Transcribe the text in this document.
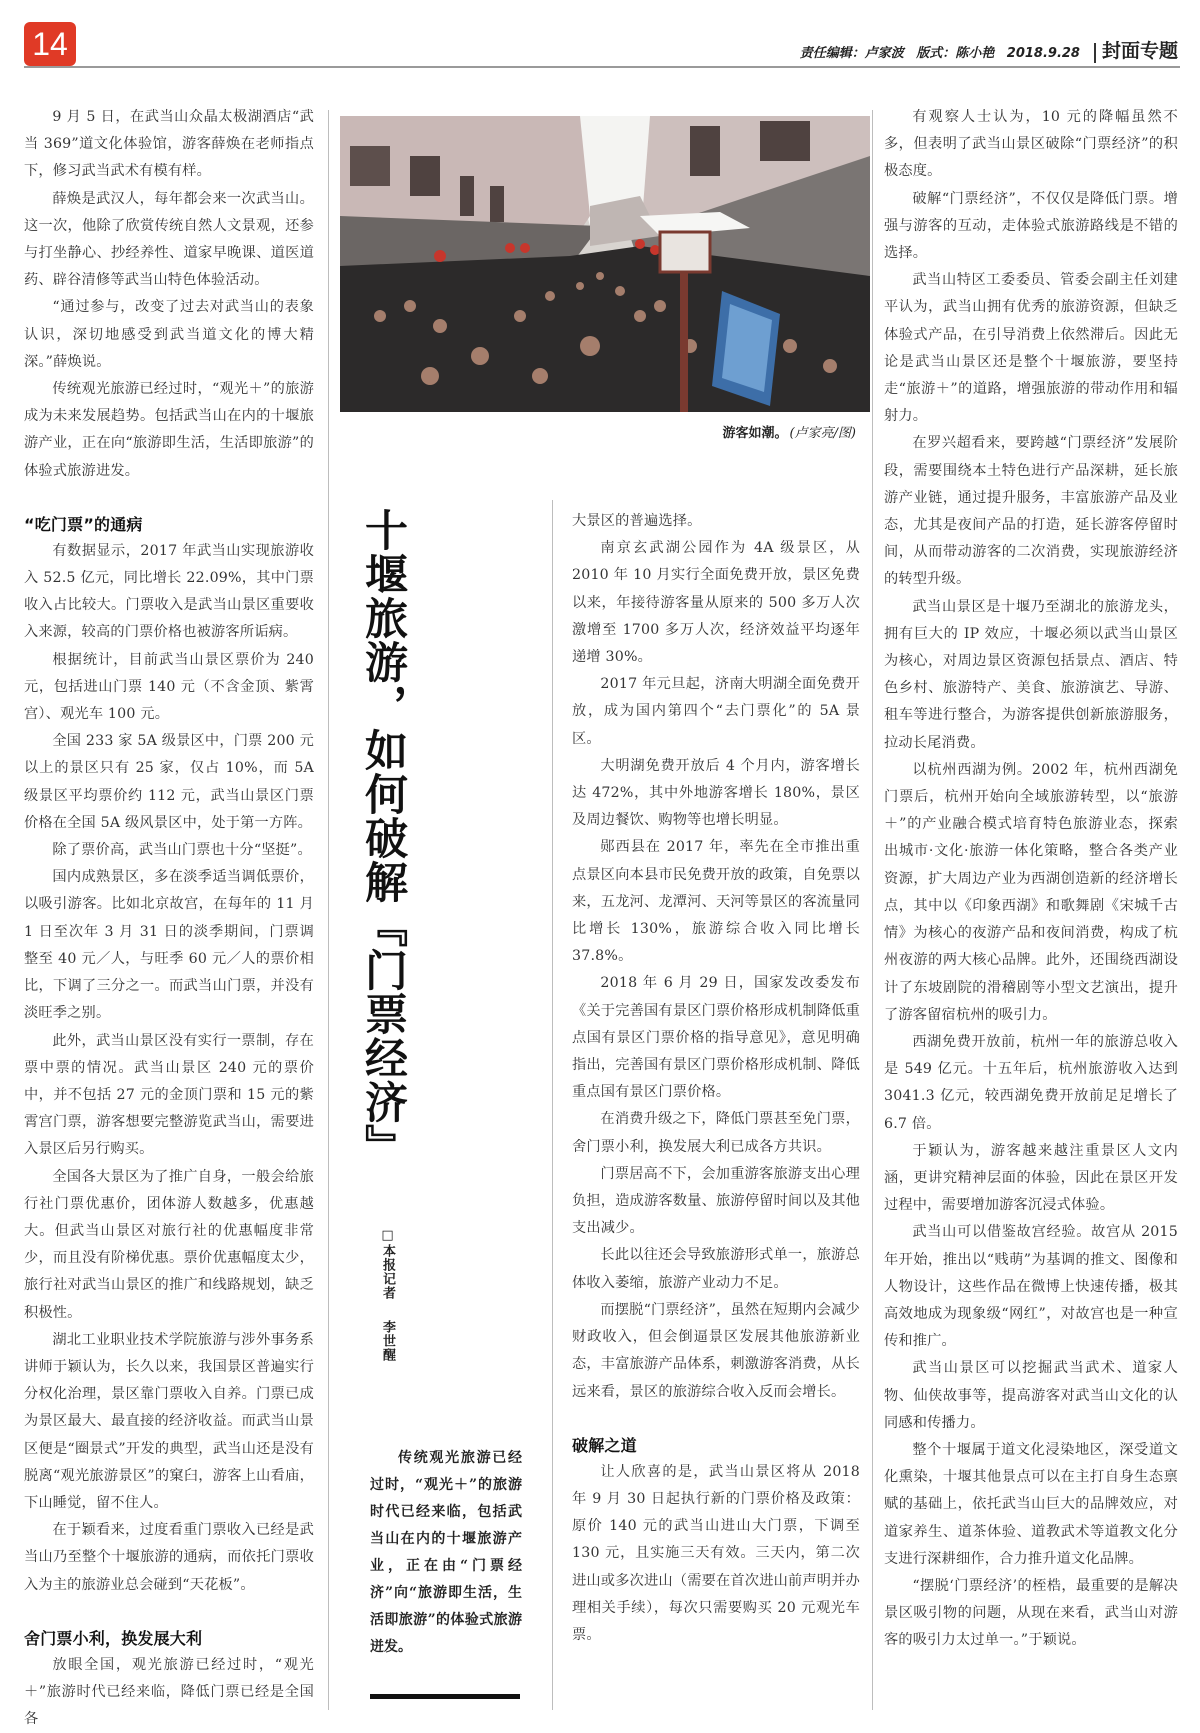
14	责任编辑：卢家波 版式：陈小艳 2018.9.28	封面专题

9 月 5 日，在武当山众晶太极湖酒店“武当 369”道文化体验馆，游客薛焕在老师指点下，修习武当武术有模有样。

薛焕是武汉人，每年都会来一次武当山。这一次，他除了欣赏传统自然人文景观，还参与打坐静心、抄经养性、道家早晚课、道医道药、辟谷清修等武当山特色体验活动。

“通过参与，改变了过去对武当山的表象认识，深切地感受到武当道文化的博大精深。”薛焕说。

传统观光旅游已经过时，“观光＋”的旅游成为未来发展趋势。包括武当山在内的十堰旅游产业，正在向“旅游即生活，生活即旅游”的体验式旅游进发。

“吃门票”的通病

有数据显示，2017 年武当山实现旅游收入 52.5 亿元，同比增长 22.09%，其中门票收入占比较大。门票收入是武当山景区重要收入来源，较高的门票价格也被游客所诟病。

根据统计，目前武当山景区票价为 240 元，包括进山门票 140 元（不含金顶、紫霄宫）、观光车 100 元。

全国 233 家 5A 级景区中，门票 200 元以上的景区只有 25 家，仅占 10%，而 5A 级景区平均票价约 112 元，武当山景区门票价格在全国 5A 级风景区中，处于第一方阵。

除了票价高，武当山门票也十分“坚挺”。

国内成熟景区，多在淡季适当调低票价，以吸引游客。比如北京故宫，在每年的 11 月 1 日至次年 3 月 31 日的淡季期间，门票调整至 40 元／人，与旺季 60 元／人的票价相比，下调了三分之一。而武当山门票，并没有淡旺季之别。

此外，武当山景区没有实行一票制，存在票中票的情况。武当山景区 240 元的票价中，并不包括 27 元的金顶门票和 15 元的紫霄宫门票，游客想要完整游览武当山，需要进入景区后另行购买。

全国各大景区为了推广自身，一般会给旅行社门票优惠价，团体游人数越多，优惠越大。但武当山景区对旅行社的优惠幅度非常少，而且没有阶梯优惠。票价优惠幅度太少，旅行社对武当山景区的推广和线路规划，缺乏积极性。

湖北工业职业技术学院旅游与涉外事务系讲师于颖认为，长久以来，我国景区普遍实行分权化治理，景区靠门票收入自养。门票已成为景区最大、最直接的经济收益。而武当山景区便是“圈景式”开发的典型，武当山还是没有脱离“观光旅游景区”的窠臼，游客上山看庙，下山睡觉，留不住人。

在于颖看来，过度看重门票收入已经是武当山乃至整个十堰旅游的通病，而依托门票收入为主的旅游业总会碰到“天花板”。

舍门票小利，换发展大利

放眼全国，观光旅游已经过时，“观光＋”旅游时代已经来临，降低门票已经是全国各

游客如潮。 (卢家亮/图)
十堰旅游，如何破解『门票经济』
□本报记者 李世醒

传统观光旅游已经过时，“观光＋”的旅游时代已经来临，包括武当山在内的十堰旅游产业，正在由“门票经济”向“旅游即生活，生活即旅游”的体验式旅游迸发。

大景区的普遍选择。

南京玄武湖公园作为 4A 级景区，从 2010 年 10 月实行全面免费开放，景区免费以来，年接待游客量从原来的 500 多万人次激增至 1700 多万人次，经济效益平均逐年递增 30%。

2017 年元旦起，济南大明湖全面免费开放，成为国内第四个“去门票化”的 5A 景区。

大明湖免费开放后 4 个月内，游客增长达 472%，其中外地游客增长 180%，景区及周边餐饮、购物等也增长明显。

郧西县在 2017 年，率先在全市推出重点景区向本县市民免费开放的政策，自免票以来，五龙河、龙潭河、天河等景区的客流量同比增长 130%，旅游综合收入同比增长 37.8%。

2018 年 6 月 29 日，国家发改委发布《关于完善国有景区门票价格形成机制降低重点国有景区门票价格的指导意见》，意见明确指出，完善国有景区门票价格形成机制、降低重点国有景区门票价格。

在消费升级之下，降低门票甚至免门票，舍门票小利，换发展大利已成各方共识。

门票居高不下，会加重游客旅游支出心理负担，造成游客数量、旅游停留时间以及其他支出减少。

长此以往还会导致旅游形式单一，旅游总体收入萎缩，旅游产业动力不足。

而摆脱“门票经济”，虽然在短期内会减少财政收入，但会倒逼景区发展其他旅游新业态，丰富旅游产品体系，刺激游客消费，从长远来看，景区的旅游综合收入反而会增长。

破解之道

让人欣喜的是，武当山景区将从 2018 年 9 月 30 日起执行新的门票价格及政策：原价 140 元的武当山进山大门票，下调至 130 元，且实施三天有效。三天内，第二次进山或多次进山（需要在首次进山前声明并办理相关手续），每次只需要购买 20 元观光车票。

有观察人士认为，10 元的降幅虽然不多，但表明了武当山景区破除“门票经济”的积极态度。

破解“门票经济”，不仅仅是降低门票。增强与游客的互动，走体验式旅游路线是不错的选择。

武当山特区工委委员、管委会副主任刘建平认为，武当山拥有优秀的旅游资源，但缺乏体验式产品，在引导消费上依然滞后。因此无论是武当山景区还是整个十堰旅游，要坚持走“旅游＋”的道路，增强旅游的带动作用和辐射力。

在罗兴超看来，要跨越“门票经济”发展阶段，需要围绕本土特色进行产品深耕，延长旅游产业链，通过提升服务，丰富旅游产品及业态，尤其是夜间产品的打造，延长游客停留时间，从而带动游客的二次消费，实现旅游经济的转型升级。

武当山景区是十堰乃至湖北的旅游龙头，拥有巨大的 IP 效应，十堰必须以武当山景区为核心，对周边景区资源包括景点、酒店、特色乡村、旅游特产、美食、旅游演艺、导游、租车等进行整合，为游客提供创新旅游服务，拉动长尾消费。

以杭州西湖为例。2002 年，杭州西湖免门票后，杭州开始向全域旅游转型，以“旅游＋”的产业融合模式培育特色旅游业态，探索出城市·文化·旅游一体化策略，整合各类产业资源，扩大周边产业为西湖创造新的经济增长点，其中以《印象西湖》和歌舞剧《宋城千古情》为核心的夜游产品和夜间消费，构成了杭州夜游的两大核心品牌。此外，还围绕西湖设计了东坡剧院的滑稽剧等小型文艺演出，提升了游客留宿杭州的吸引力。

西湖免费开放前，杭州一年的旅游总收入是 549 亿元。十五年后，杭州旅游收入达到 3041.3 亿元，较西湖免费开放前足足增长了 6.7 倍。

于颖认为，游客越来越注重景区人文内涵，更讲究精神层面的体验，因此在景区开发过程中，需要增加游客沉浸式体验。

武当山可以借鉴故宫经验。故宫从 2015 年开始，推出以“贱萌”为基调的推文、图像和人物设计，这些作品在微博上快速传播，极其高效地成为现象级“网红”，对故宫也是一种宣传和推广。

武当山景区可以挖掘武当武术、道家人物、仙侠故事等，提高游客对武当山文化的认同感和传播力。

整个十堰属于道文化浸染地区，深受道文化熏染，十堰其他景点可以在主打自身生态禀赋的基础上，依托武当山巨大的品牌效应，对道家养生、道茶体验、道教武术等道教文化分支进行深耕细作，合力推升道文化品牌。

“摆脱‘门票经济’的桎梏，最重要的是解决景区吸引物的问题，从现在来看，武当山对游客的吸引力太过单一。”于颖说。
